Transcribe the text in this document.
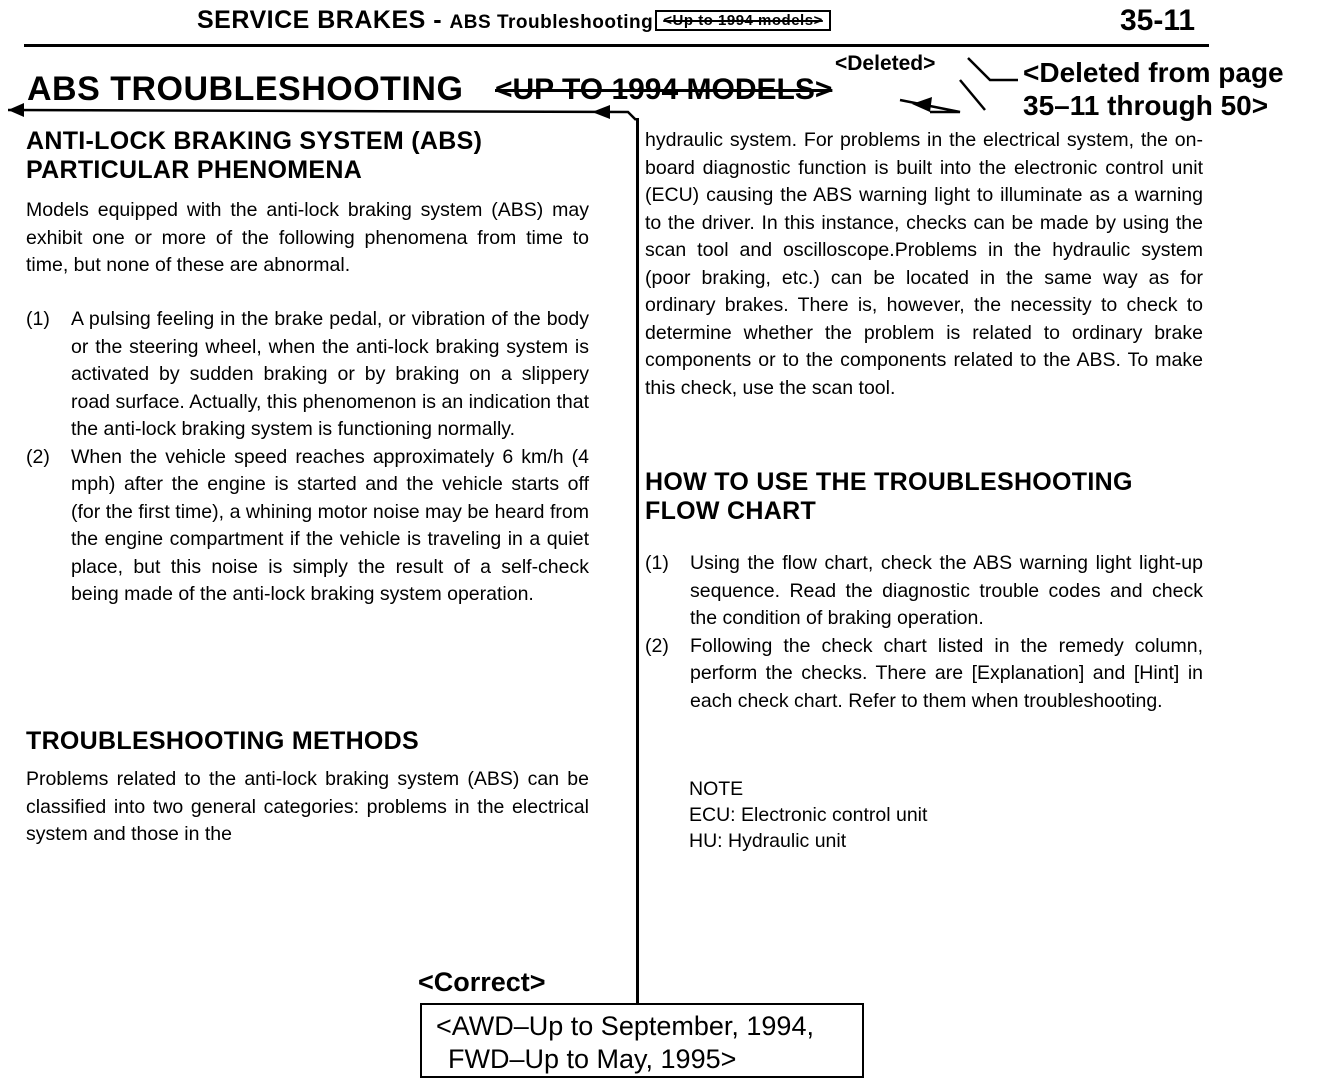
SERVICE BRAKES - ABS Troubleshooting <Up to 1994 models>	35-11
ABS TROUBLESHOOTING <UP TO 1994 MODELS>
<Deleted>	<Deleted from page
35–11 through 50>
ANTI-LOCK BRAKING SYSTEM (ABS)
PARTICULAR PHENOMENA
Models equipped with the anti-lock braking system (ABS) may exhibit one or more of the following phenomena from time to time, but none of these are abnormal.
(1) A pulsing feeling in the brake pedal, or vibration of the body or the steering wheel, when the anti-lock braking system is activated by sudden braking or by braking on a slippery road surface. Actually, this phenomenon is an indication that the anti-lock braking system is functioning normally.
(2) When the vehicle speed reaches approximately 6 km/h (4 mph) after the engine is started and the vehicle starts off (for the first time), a whining motor noise may be heard from the engine compartment if the vehicle is traveling in a quiet place, but this noise is simply the result of a self-check being made of the anti-lock braking system operation.
TROUBLESHOOTING METHODS
Problems related to the anti-lock braking system (ABS) can be classified into two general categories: problems in the electrical system and those in the
hydraulic system. For problems in the electrical system, the on-board diagnostic function is built into the electronic control unit (ECU) causing the ABS warning light to illuminate as a warning to the driver. In this instance, checks can be made by using the scan tool and oscilloscope.Problems in the hydraulic system (poor braking, etc.) can be located in the same way as for ordinary brakes. There is, however, the necessity to check to determine whether the problem is related to ordinary brake components or to the components related to the ABS. To make this check, use the scan tool.
HOW TO USE THE TROUBLESHOOTING
FLOW CHART
(1) Using the flow chart, check the ABS warning light light-up sequence. Read the diagnostic trouble codes and check the condition of braking operation.
(2) Following the check chart listed in the remedy column, perform the checks. There are [Explanation] and [Hint] in each check chart. Refer to them when troubleshooting.
NOTE
ECU: Electronic control unit
HU: Hydraulic unit
<Correct>
<AWD–Up to September, 1994,
FWD–Up to May, 1995>
